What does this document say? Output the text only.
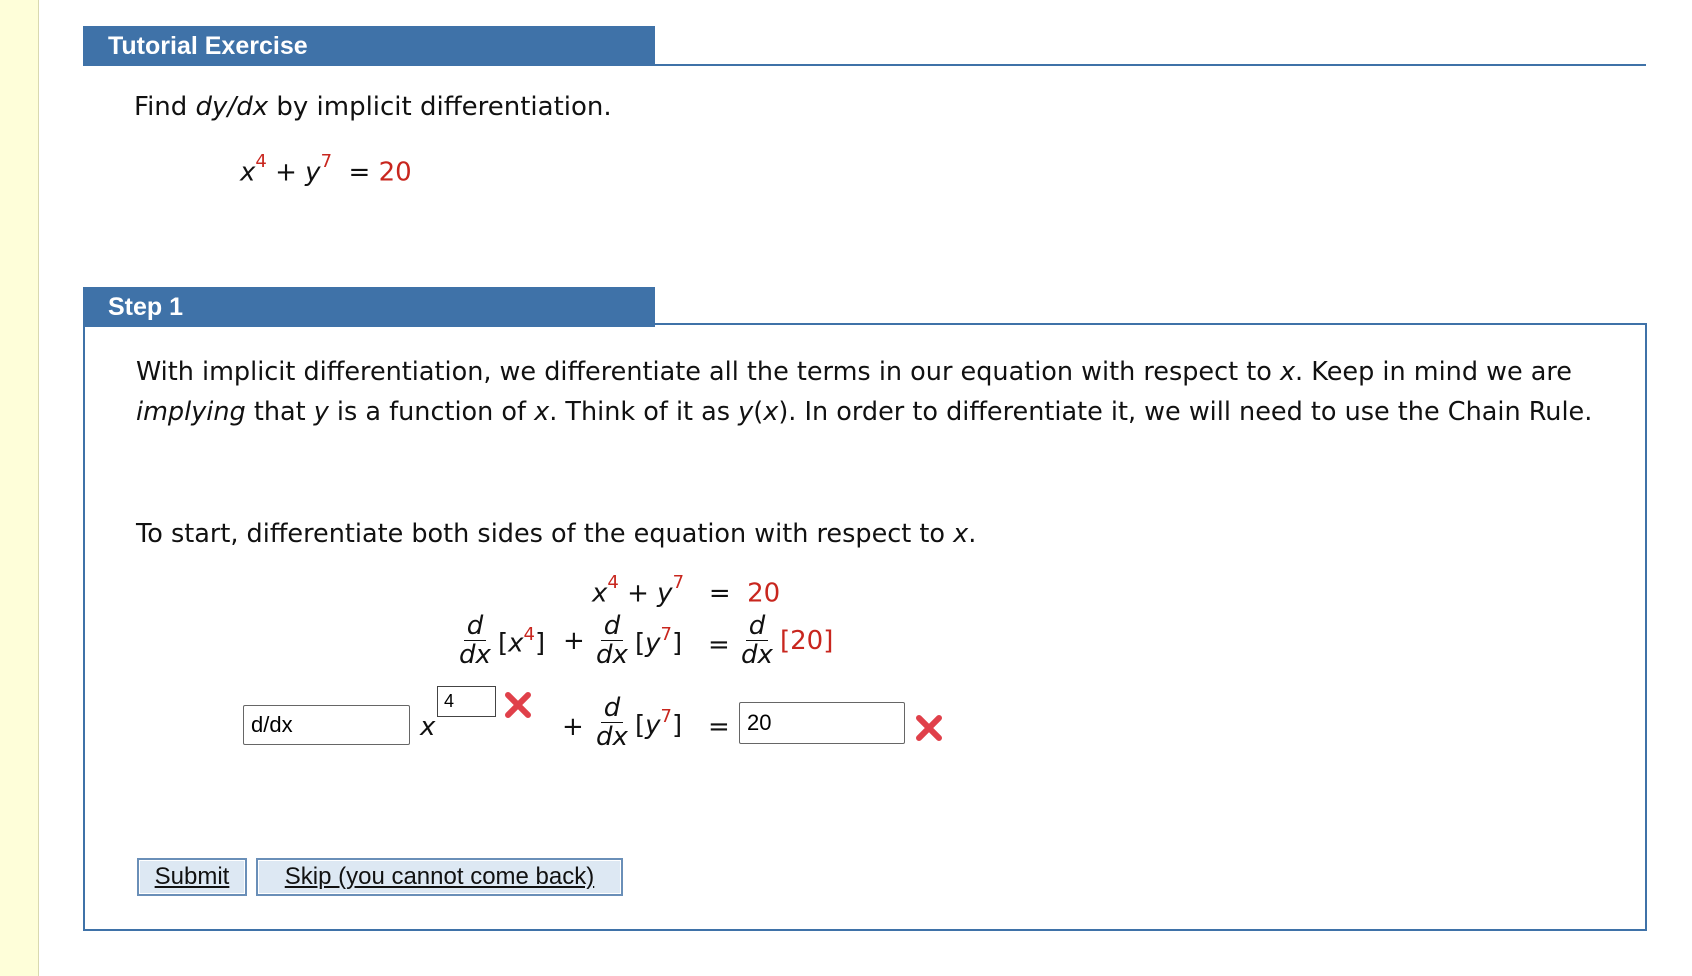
Tutorial Exercise
Find dy/dx by implicit differentiation.
$x^4 + y^7 = 20$
Step 1
With implicit differentiation, we differentiate all the terms in our equation with respect to x. Keep in mind we are implying that y is a function of x. Think of it as y(x). In order to differentiate it, we will need to use the Chain Rule.
To start, differentiate both sides of the equation with respect to x.
$x^4 + y^7 = 20$
$\frac{d}{dx} [x^4] + \frac{d}{dx} [y^7] = \frac{d}{dx} [20]$
d/dx
x
4	+ $\frac{d}{dx} [y^7]$ =
20
Submit	Skip (you cannot come back)
